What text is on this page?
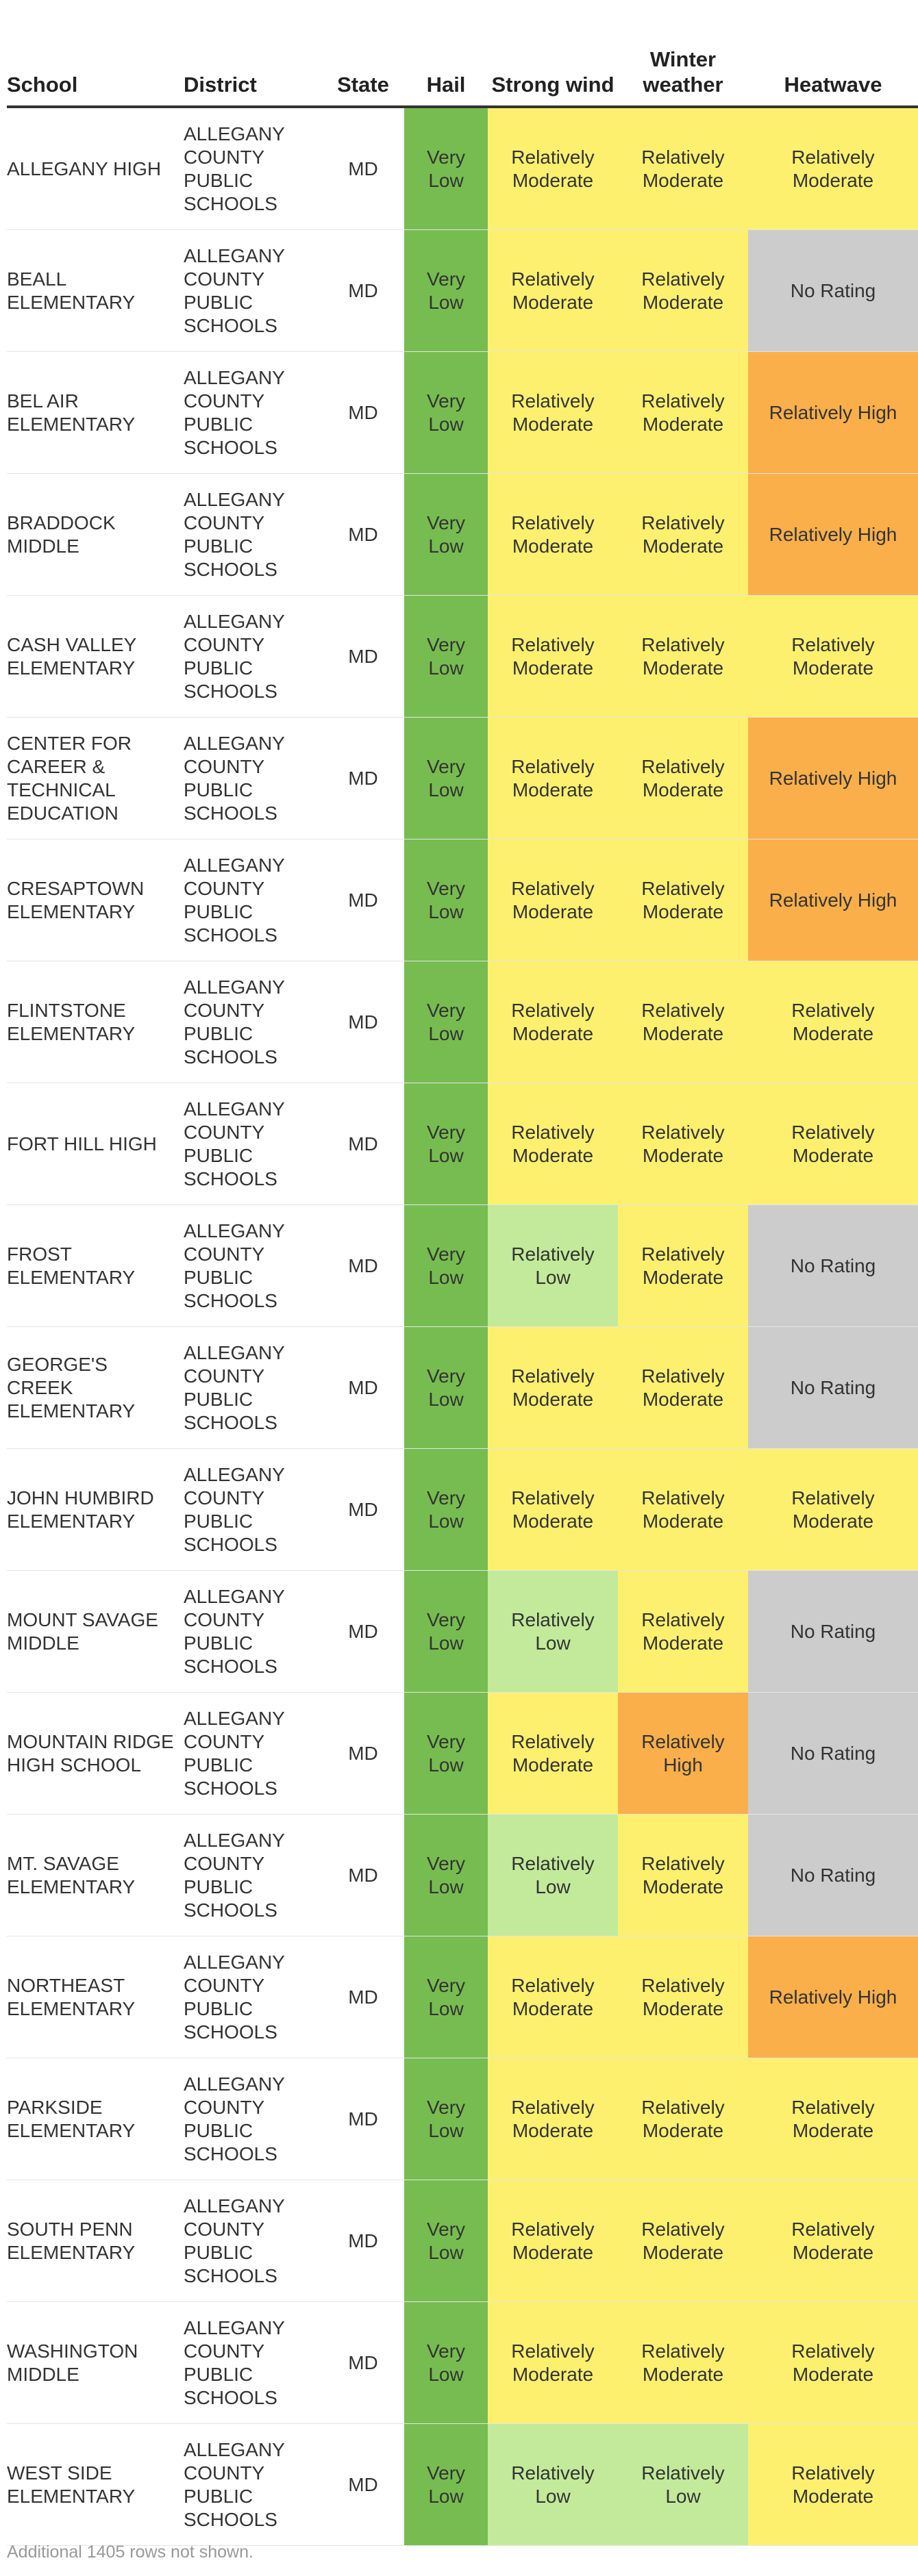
School	District	State	Hail	Strong wind	Winter weather	Heatwave
ALLEGANY HIGH	ALLEGANY COUNTY PUBLIC SCHOOLS	MD	Very Low	Relatively Moderate	Relatively Moderate	Relatively Moderate
BEALL ELEMENTARY	ALLEGANY COUNTY PUBLIC SCHOOLS	MD	Very Low	Relatively Moderate	Relatively Moderate	No Rating
BEL AIR ELEMENTARY	ALLEGANY COUNTY PUBLIC SCHOOLS	MD	Very Low	Relatively Moderate	Relatively Moderate	Relatively High
BRADDOCK MIDDLE	ALLEGANY COUNTY PUBLIC SCHOOLS	MD	Very Low	Relatively Moderate	Relatively Moderate	Relatively High
CASH VALLEY ELEMENTARY	ALLEGANY COUNTY PUBLIC SCHOOLS	MD	Very Low	Relatively Moderate	Relatively Moderate	Relatively Moderate
CENTER FOR CAREER & TECHNICAL EDUCATION	ALLEGANY COUNTY PUBLIC SCHOOLS	MD	Very Low	Relatively Moderate	Relatively Moderate	Relatively High
CRESAPTOWN ELEMENTARY	ALLEGANY COUNTY PUBLIC SCHOOLS	MD	Very Low	Relatively Moderate	Relatively Moderate	Relatively High
FLINTSTONE ELEMENTARY	ALLEGANY COUNTY PUBLIC SCHOOLS	MD	Very Low	Relatively Moderate	Relatively Moderate	Relatively Moderate
FORT HILL HIGH	ALLEGANY COUNTY PUBLIC SCHOOLS	MD	Very Low	Relatively Moderate	Relatively Moderate	Relatively Moderate
FROST ELEMENTARY	ALLEGANY COUNTY PUBLIC SCHOOLS	MD	Very Low	Relatively Low	Relatively Moderate	No Rating
GEORGE'S CREEK ELEMENTARY	ALLEGANY COUNTY PUBLIC SCHOOLS	MD	Very Low	Relatively Moderate	Relatively Moderate	No Rating
JOHN HUMBIRD ELEMENTARY	ALLEGANY COUNTY PUBLIC SCHOOLS	MD	Very Low	Relatively Moderate	Relatively Moderate	Relatively Moderate
MOUNT SAVAGE MIDDLE	ALLEGANY COUNTY PUBLIC SCHOOLS	MD	Very Low	Relatively Low	Relatively Moderate	No Rating
MOUNTAIN RIDGE HIGH SCHOOL	ALLEGANY COUNTY PUBLIC SCHOOLS	MD	Very Low	Relatively Moderate	Relatively High	No Rating
MT. SAVAGE ELEMENTARY	ALLEGANY COUNTY PUBLIC SCHOOLS	MD	Very Low	Relatively Low	Relatively Moderate	No Rating
NORTHEAST ELEMENTARY	ALLEGANY COUNTY PUBLIC SCHOOLS	MD	Very Low	Relatively Moderate	Relatively Moderate	Relatively High
PARKSIDE ELEMENTARY	ALLEGANY COUNTY PUBLIC SCHOOLS	MD	Very Low	Relatively Moderate	Relatively Moderate	Relatively Moderate
SOUTH PENN ELEMENTARY	ALLEGANY COUNTY PUBLIC SCHOOLS	MD	Very Low	Relatively Moderate	Relatively Moderate	Relatively Moderate
WASHINGTON MIDDLE	ALLEGANY COUNTY PUBLIC SCHOOLS	MD	Very Low	Relatively Moderate	Relatively Moderate	Relatively Moderate
WEST SIDE ELEMENTARY	ALLEGANY COUNTY PUBLIC SCHOOLS	MD	Very Low	Relatively Low	Relatively Low	Relatively Moderate
Additional 1405 rows not shown.
